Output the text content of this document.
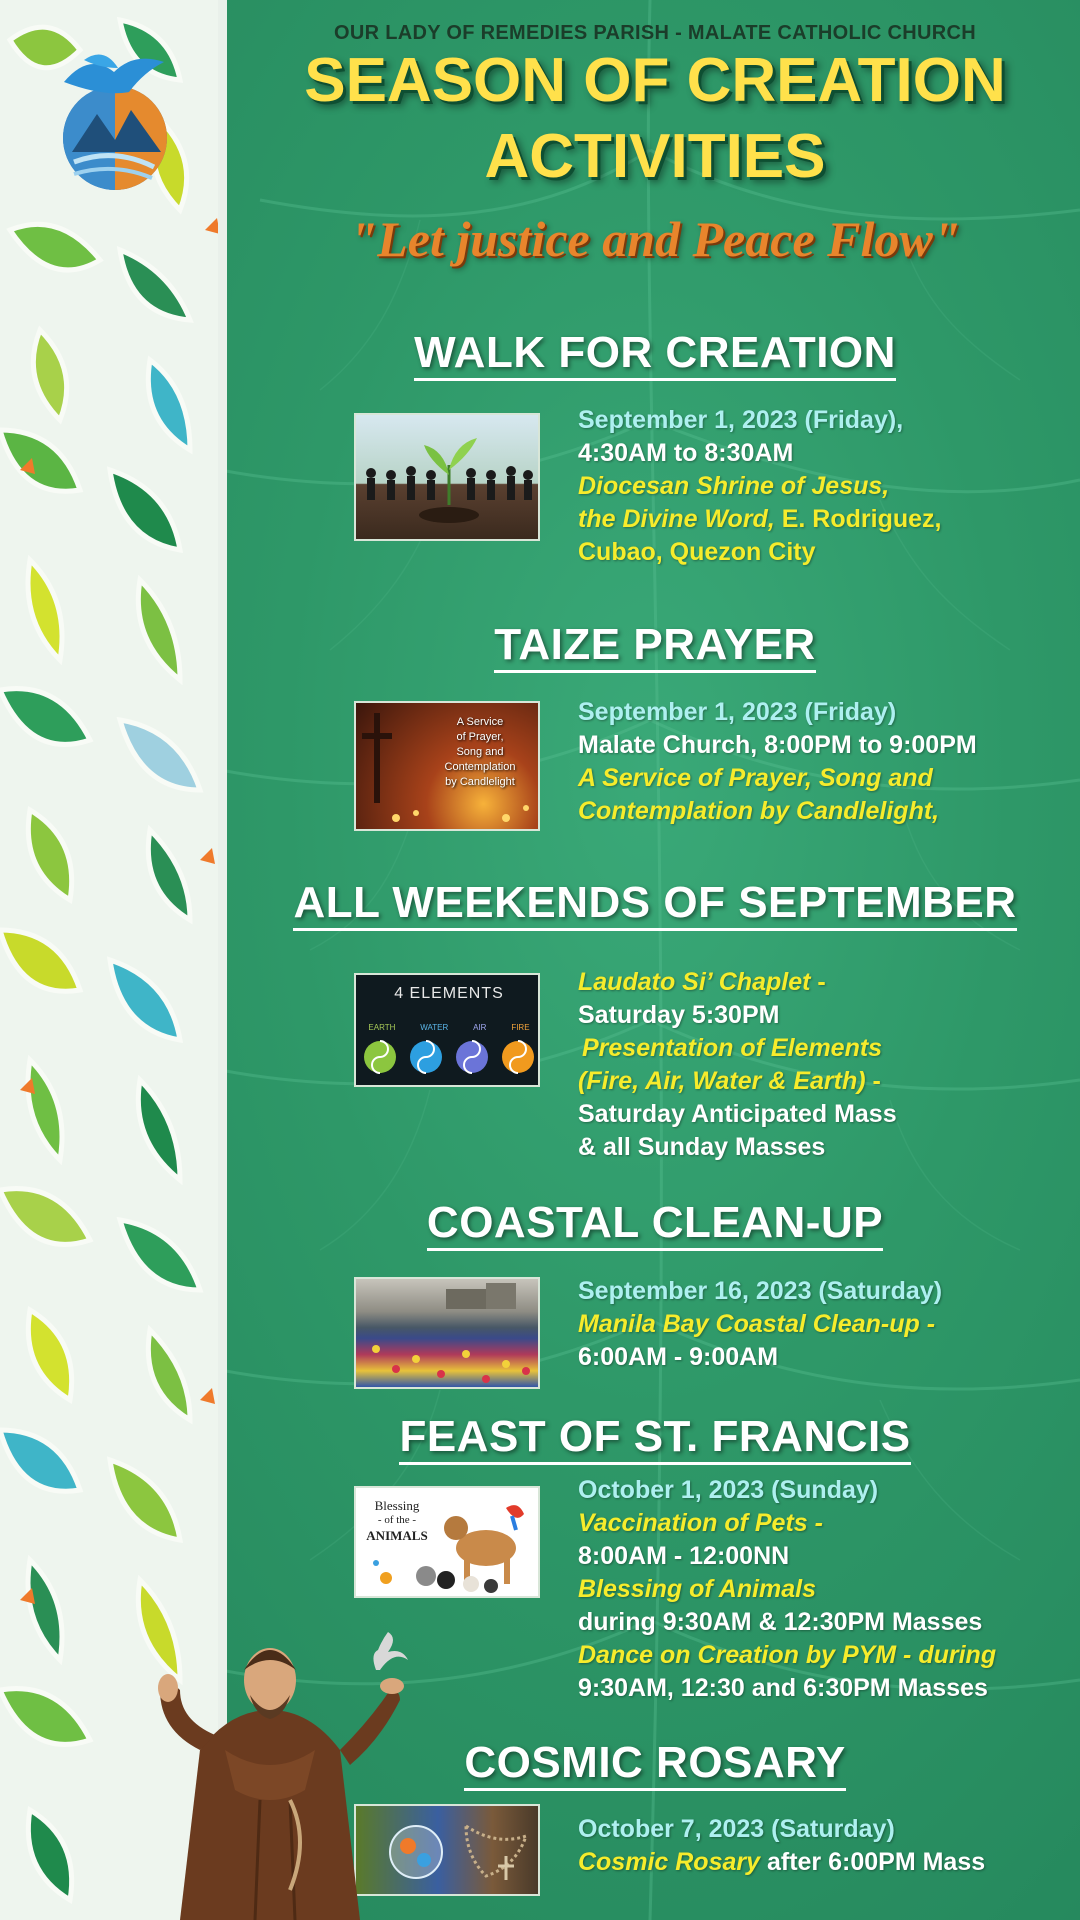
OUR LADY OF REMEDIES PARISH - MALATE CATHOLIC CHURCH
SEASON OF CREATION
ACTIVITIES
"Let justice and Peace Flow"
WALK FOR CREATION
September 1, 2023 (Friday),
4:30AM to 8:30AM
Diocesan Shrine of Jesus,
the Divine Word, E. Rodriguez,
Cubao, Quezon City
TAIZE PRAYER
A Service
of Prayer,
Song and
Contemplation
by Candlelight
September 1, 2023 (Friday)
Malate Church, 8:00PM to 9:00PM
A Service of Prayer, Song and
Contemplation by Candlelight,
ALL WEEKENDS OF SEPTEMBER
4 ELEMENTS
EARTH	WATER	AIR	FIRE
Laudato Si’ Chaplet -
Saturday 5:30PM
Presentation of Elements
(Fire, Air, Water & Earth) -
Saturday Anticipated Mass
& all Sunday Masses
COASTAL CLEAN-UP
September 16, 2023 (Saturday)
Manila Bay Coastal Clean-up -
6:00AM - 9:00AM
FEAST OF ST. FRANCIS
Blessing
- of the -
ANIMALS
October 1, 2023 (Sunday)
Vaccination of Pets -
8:00AM - 12:00NN
Blessing of Animals
during 9:30AM & 12:30PM Masses
Dance on Creation by PYM - during
9:30AM, 12:30 and 6:30PM Masses
COSMIC ROSARY
October 7, 2023 (Saturday)
Cosmic Rosary after 6:00PM Mass
